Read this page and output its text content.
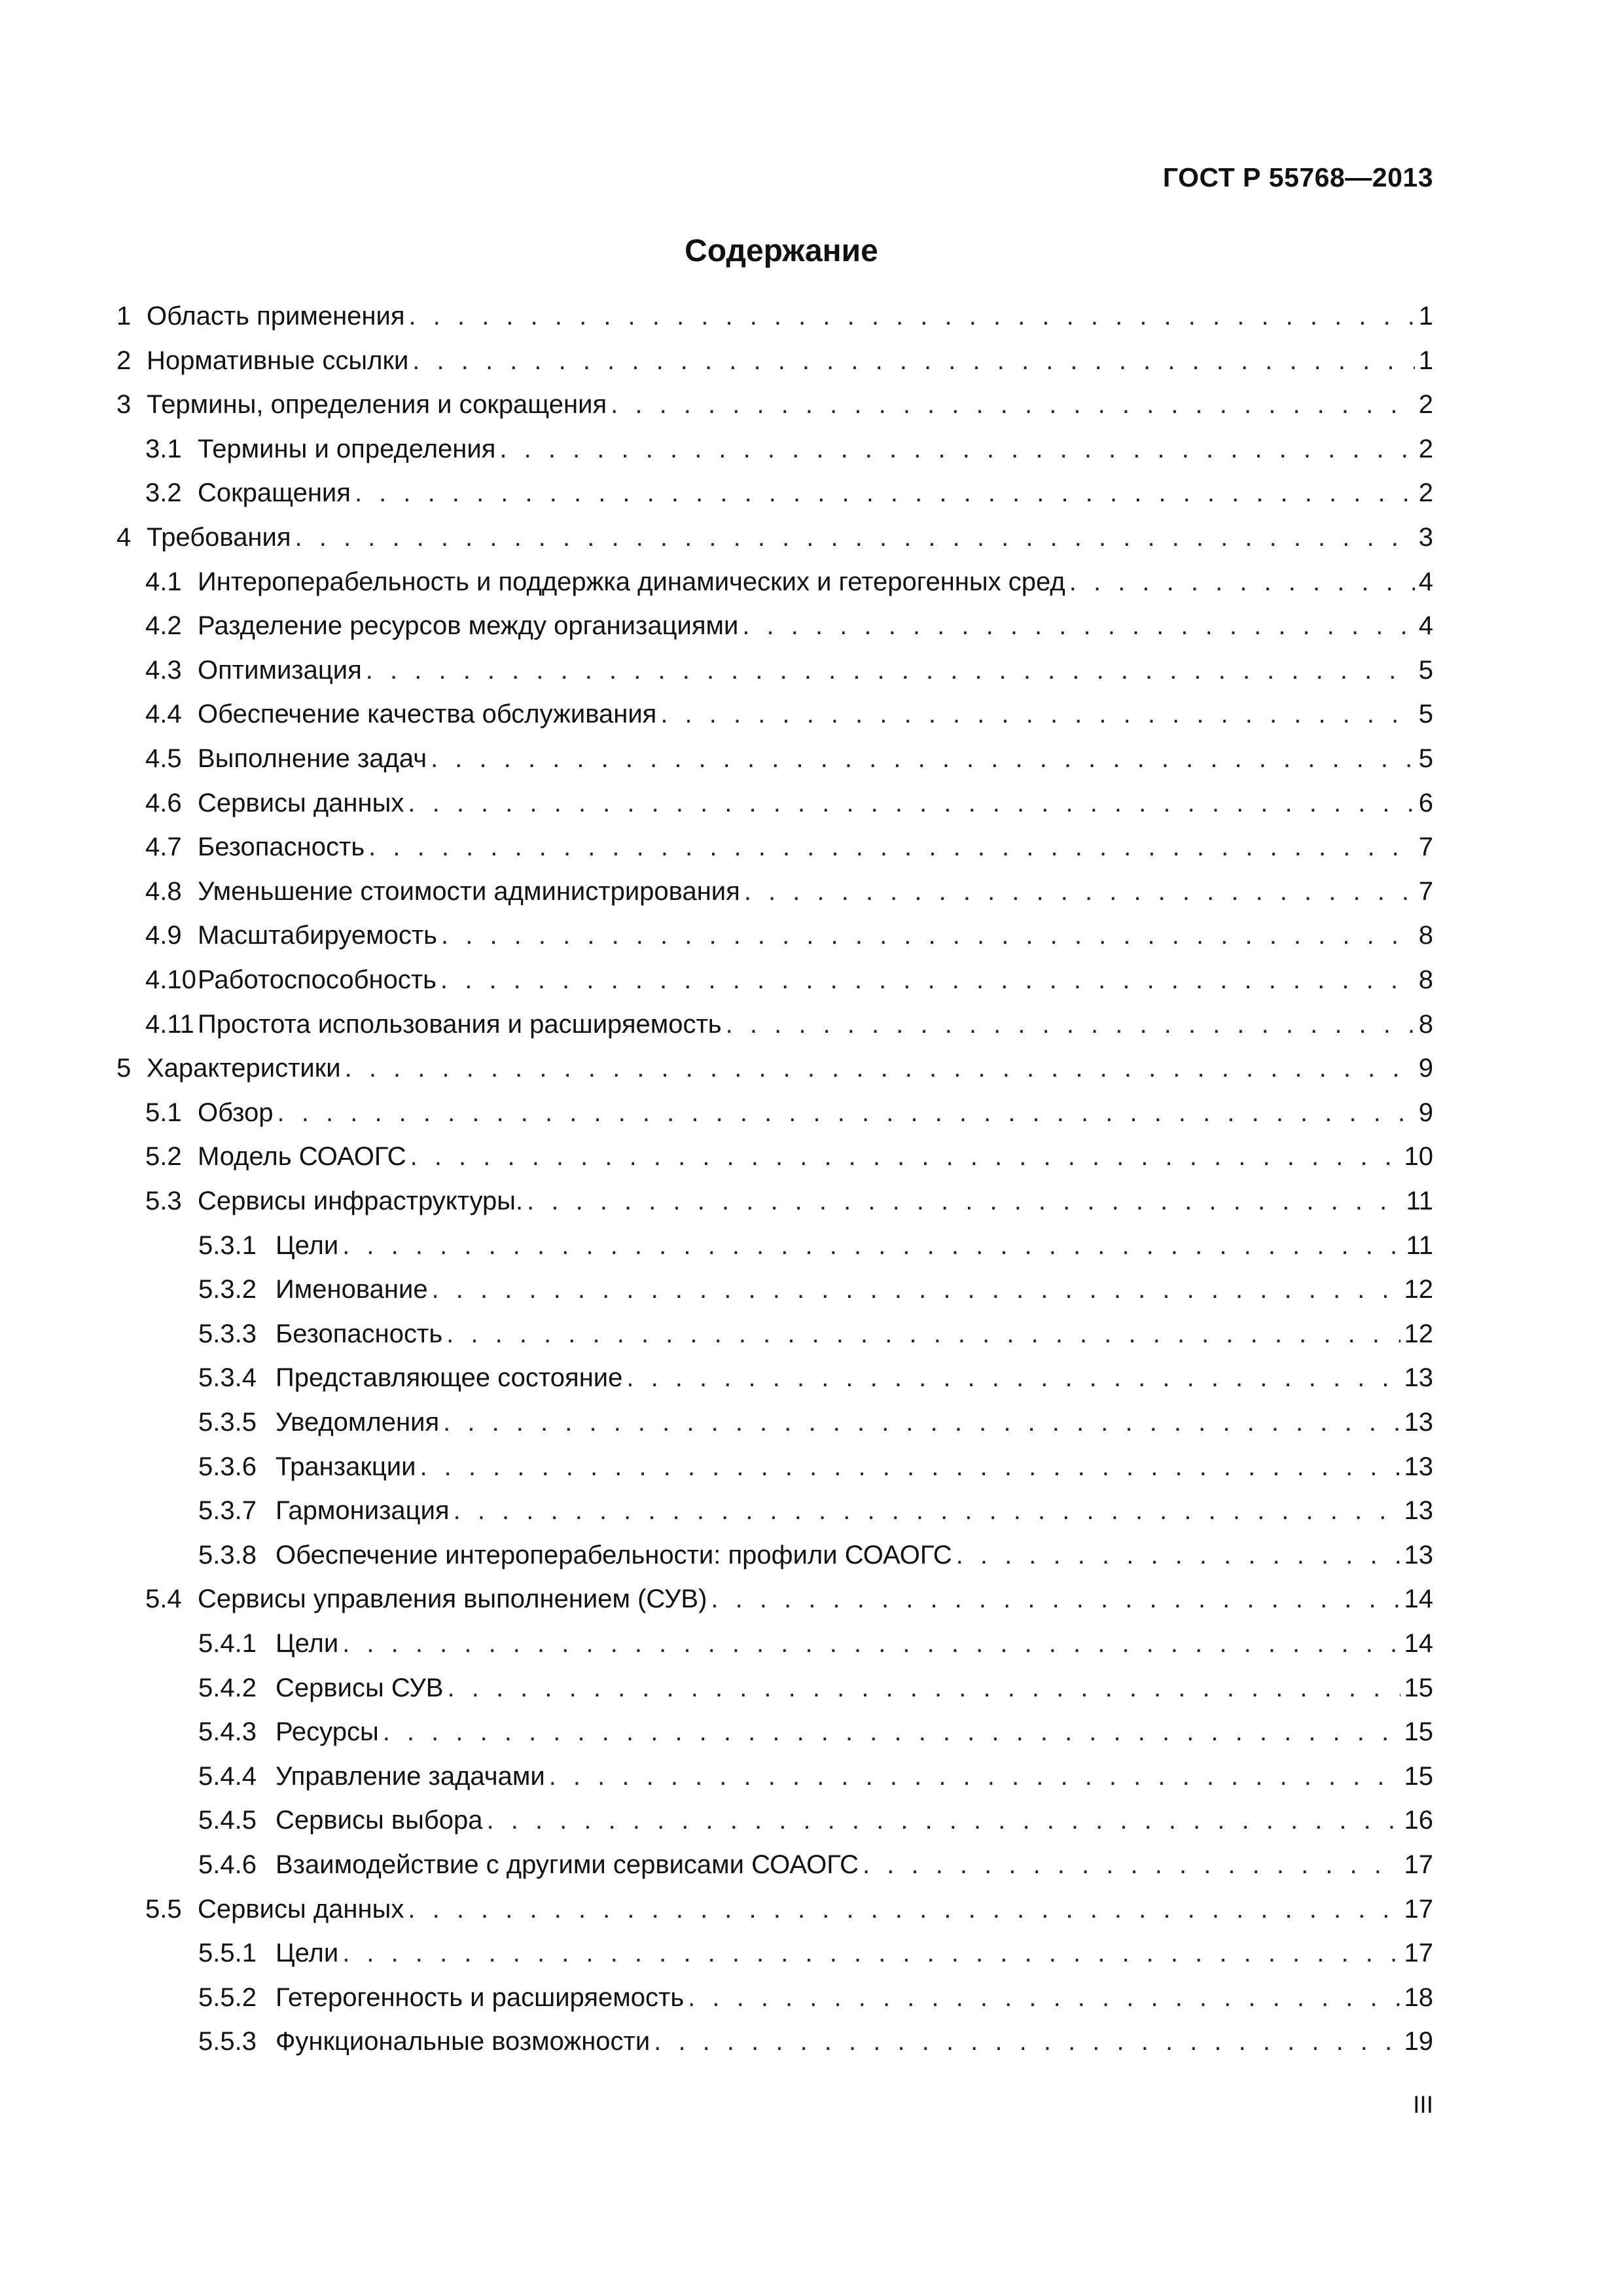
ГОСТ Р 55768—2013
Содержание
1 Область применения . . .	1
2 Нормативные ссылки . . .	1
3 Термины, определения и сокращения . . .	2
3.1 Термины и определения . . .	2
3.2 Сокращения . . .	2
4 Требования . . .	3
4.1 Интероперабельность и поддержка динамических и гетерогенных сред . . .	4
4.2 Разделение ресурсов между организациями . . .	4
4.3 Оптимизация . . .	5
4.4 Обеспечение качества обслуживания . . .	5
4.5 Выполнение задач . . .	5
4.6 Сервисы данных . . .	6
4.7 Безопасность . . .	7
4.8 Уменьшение стоимости администрирования . . .	7
4.9 Масштабируемость . . .	8
4.10 Работоспособность . . .	8
4.11 Простота использования и расширяемость . . .	8
5 Характеристики . . .	9
5.1 Обзор . . .	9
5.2 Модель СОАОГС . . .	10
5.3 Сервисы инфраструктуры. . . .	11
5.3.1 Цели . . .	11
5.3.2 Именование . . .	12
5.3.3 Безопасность . . .	12
5.3.4 Представляющее состояние . . .	13
5.3.5 Уведомления . . .	13
5.3.6 Транзакции . . .	13
5.3.7 Гармонизация . . .	13
5.3.8 Обеспечение интероперабельности: профили СОАОГС . . .	13
5.4 Сервисы управления выполнением (СУВ) . . .	14
5.4.1 Цели . . .	14
5.4.2 Сервисы СУВ . . .	15
5.4.3 Ресурсы . . .	15
5.4.4 Управление задачами . . .	15
5.4.5 Сервисы выбора . . .	16
5.4.6 Взаимодействие с другими сервисами СОАОГС . . .	17
5.5 Сервисы данных . . .	17
5.5.1 Цели . . .	17
5.5.2 Гетерогенность и расширяемость . . .	18
5.5.3 Функциональные возможности . . .	19
III
